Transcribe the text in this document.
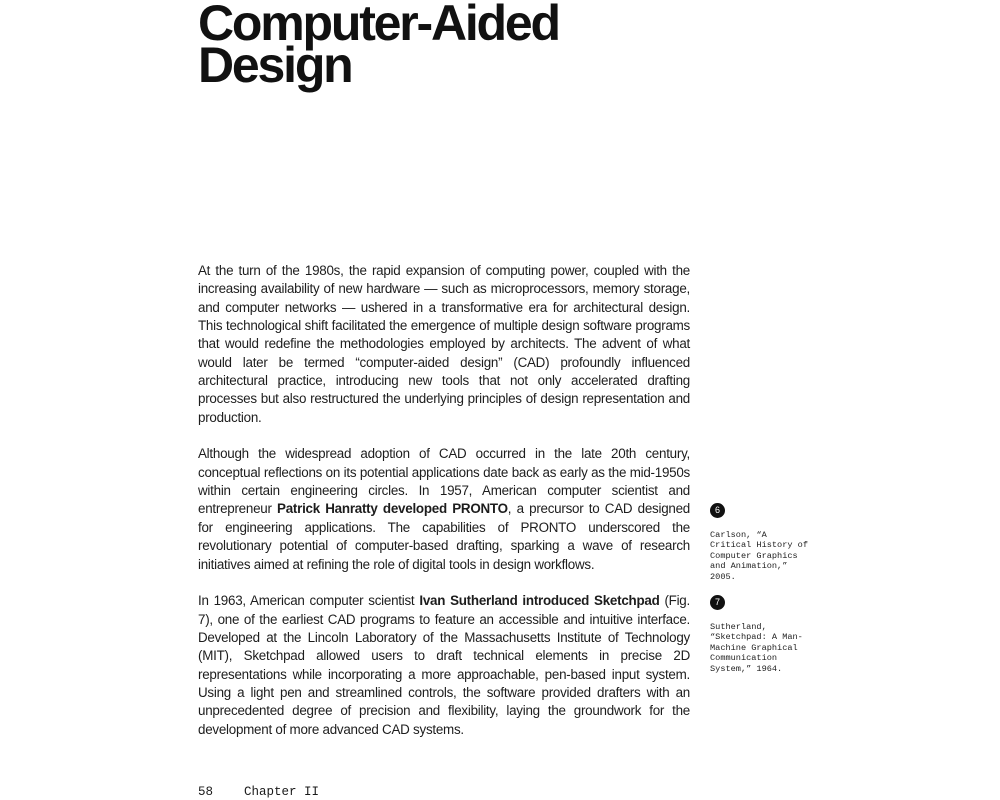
Computer-Aided
Design

At the turn of the 1980s, the rapid expansion of computing power, coupled with the increasing availability of new hardware — such as microprocessors, memory storage, and computer networks — ushered in a transformative era for architectural design. This technological shift facilitated the emergence of multiple design software programs that would redefine the methodologies employed by architects. The advent of what would later be termed “computer-aided design” (CAD) profoundly influenced architectural practice, introducing new tools that not only accelerated drafting processes but also restructured the underlying principles of design representation and production.

Although the widespread adoption of CAD occurred in the late 20th century, conceptual reflections on its potential applications date back as early as the mid-1950s within certain engineering circles. In 1957, American computer scientist and entrepreneur Patrick Hanratty developed PRONTO, a precursor to CAD designed for engineering applications. The capabilities of PRONTO underscored the revolutionary potential of computer-based drafting, sparking a wave of research initiatives aimed at refining the role of digital tools in design workflows.

In 1963, American computer scientist Ivan Sutherland introduced Sketchpad (Fig. 7), one of the earliest CAD programs to feature an accessible and intuitive interface. Developed at the Lincoln Laboratory of the Massachusetts Institute of Technology (MIT), Sketchpad allowed users to draft technical elements in precise 2D representations while incorporating a more approachable, pen-based input system. Using a light pen and streamlined controls, the software provided drafters with an unprecedented degree of precision and flexibility, laying the groundwork for the development of more advanced CAD systems.

6
Carlson, “A Critical History of Computer Graphics and Animation,” 2005.
7
Sutherland, “Sketchpad: A Man-Machine Graphical Communication System,” 1964.
58 Chapter II
